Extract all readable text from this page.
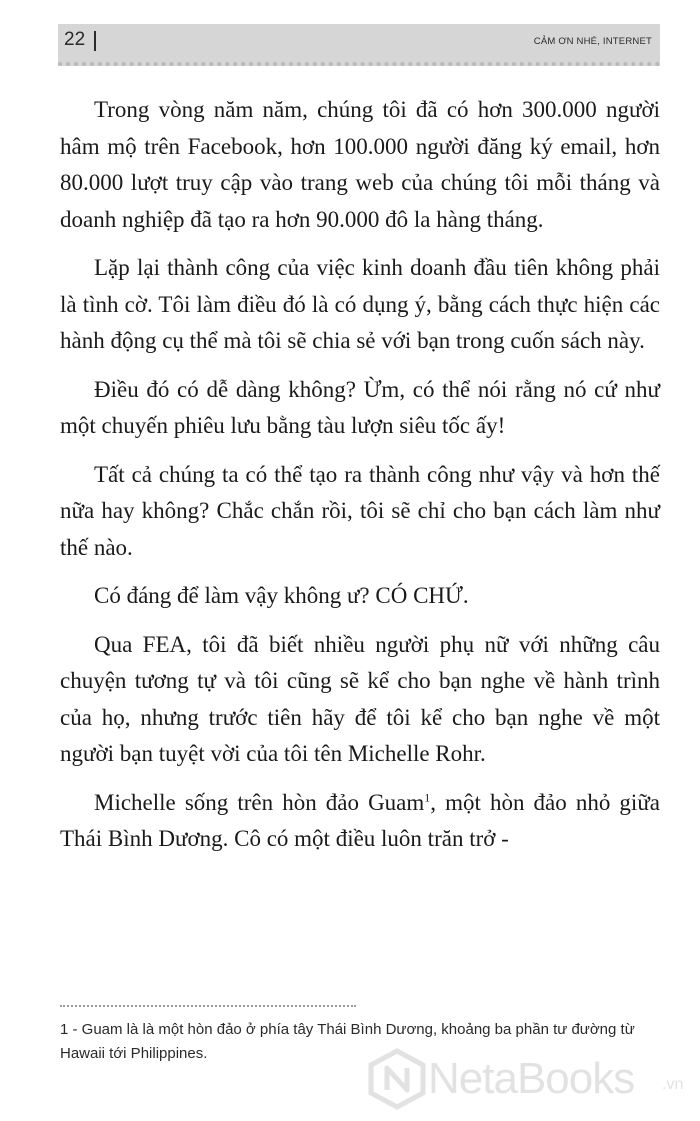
22	CẢM ƠN NHÉ, INTERNET

Trong vòng năm năm, chúng tôi đã có hơn 300.000 người hâm mộ trên Facebook, hơn 100.000 người đăng ký email, hơn 80.000 lượt truy cập vào trang web của chúng tôi mỗi tháng và doanh nghiệp đã tạo ra hơn 90.000 đô la hàng tháng.

Lặp lại thành công của việc kinh doanh đầu tiên không phải là tình cờ. Tôi làm điều đó là có dụng ý, bằng cách thực hiện các hành động cụ thể mà tôi sẽ chia sẻ với bạn trong cuốn sách này.

Điều đó có dễ dàng không? Ừm, có thể nói rằng nó cứ như một chuyến phiêu lưu bằng tàu lượn siêu tốc ấy!

Tất cả chúng ta có thể tạo ra thành công như vậy và hơn thế nữa hay không? Chắc chắn rồi, tôi sẽ chỉ cho bạn cách làm như thế nào.

Có đáng để làm vậy không ư? CÓ CHỨ.

Qua FEA, tôi đã biết nhiều người phụ nữ với những câu chuyện tương tự và tôi cũng sẽ kể cho bạn nghe về hành trình của họ, nhưng trước tiên hãy để tôi kể cho bạn nghe về một người bạn tuyệt vời của tôi tên Michelle Rohr.

Michelle sống trên hòn đảo Guam$^1$, một hòn đảo nhỏ giữa Thái Bình Dương. Cô có một điều luôn trăn trở -

1 - Guam là là một hòn đảo ở phía tây Thái Bình Dương, khoảng ba phần tư đường từ Hawaii tới Philippines.
NetaBooks .vn
